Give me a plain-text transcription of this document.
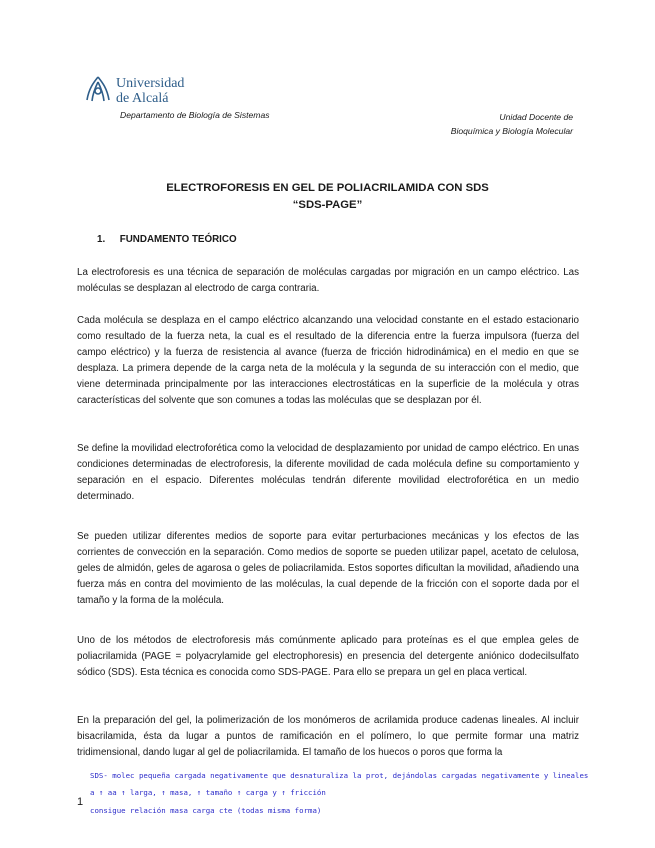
Universidad
de Alcalá
Departamento de Biología de Sistemas	Unidad Docente de
Bioquímica y Biología Molecular
ELECTROFORESIS EN GEL DE POLIACRILAMIDA CON SDS
“SDS-PAGE”
1. FUNDAMENTO TEÓRICO

La electroforesis es una técnica de separación de moléculas cargadas por migración en un campo eléctrico. Las moléculas se desplazan al electrodo de carga contraria.

Cada molécula se desplaza en el campo eléctrico alcanzando una velocidad constante en el estado estacionario como resultado de la fuerza neta, la cual es el resultado de la diferencia entre la fuerza impulsora (fuerza del campo eléctrico) y la fuerza de resistencia al avance (fuerza de fricción hidrodinámica) en el medio en que se desplaza. La primera depende de la carga neta de la molécula y la segunda de su interacción con el medio, que viene determinada principalmente por las interacciones electrostáticas en la superficie de la molécula y otras características del solvente que son comunes a todas las moléculas que se desplazan por él.

Se define la movilidad electroforética como la velocidad de desplazamiento por unidad de campo eléctrico. En unas condiciones determinadas de electroforesis, la diferente movilidad de cada molécula define su comportamiento y separación en el espacio. Diferentes moléculas tendrán diferente movilidad electroforética en un medio determinado.

Se pueden utilizar diferentes medios de soporte para evitar perturbaciones mecánicas y los efectos de las corrientes de convección en la separación. Como medios de soporte se pueden utilizar papel, acetato de celulosa, geles de almidón, geles de agarosa o geles de poliacrilamida. Estos soportes dificultan la movilidad, añadiendo una fuerza más en contra del movimiento de las moléculas, la cual depende de la fricción con el soporte dada por el tamaño y la forma de la molécula.

Uno de los métodos de electroforesis más comúnmente aplicado para proteínas es el que emplea geles de poliacrilamida (PAGE = polyacrylamide gel electrophoresis) en presencia del detergente aniónico dodecilsulfato sódico (SDS). Esta técnica es conocida como SDS-PAGE. Para ello se prepara un gel en placa vertical.

En la preparación del gel, la polimerización de los monómeros de acrilamida produce cadenas lineales. Al incluir bisacrilamida, ésta da lugar a puntos de ramificación en el polímero, lo que permite formar una matriz tridimensional, dando lugar al gel de poliacrilamida. El tamaño de los huecos o poros que forma la

SDS- molec pequeña cargada negativamente que desnaturaliza la prot, dejándolas cargadas negativamente y lineales
a ↑ aa ↑ larga, ↑ masa, ↑ tamaño ↑ carga y ↑ fricción
1
consigue relación masa carga cte (todas misma forma)
